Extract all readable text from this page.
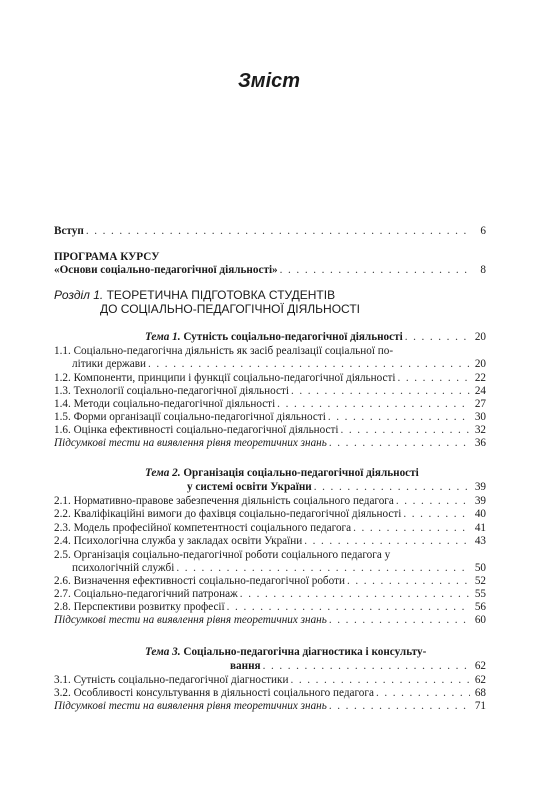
Зміст
Вступ . . .	6
ПРОГРАМА КУРСУ
«Основи соціально-педагогічної діяльності» . . .	8
Розділ 1. ТЕОРЕТИЧНА ПІДГОТОВКА СТУДЕНТІВ
ДО СОЦІАЛЬНО-ПЕДАГОГІЧНОЇ ДІЯЛЬНОСТІ
Тема 1. Сутність соціально-педагогічної діяльності . . .	20
1.1. Соціально-педагогічна діяльність як засіб реалізації соціальної по-
літики держави . . .	20
1.2. Компоненти, принципи і функції соціально-педагогічної діяльності . . .	22
1.3. Технології соціально-педагогічної діяльності . . .	24
1.4. Методи соціально-педагогічної діяльності . . .	27
1.5. Форми організації соціально-педагогічної діяльності . . .	30
1.6. Оцінка ефективності соціально-педагогічної діяльності . . .	32
Підсумкові тести на виявлення рівня теоретичних знань . . .	36
Тема 2. Організація соціально-педагогічної діяльності
у системі освіти України . . .	39
2.1. Нормативно-правове забезпечення діяльність соціального педагога . . .	39
2.2. Кваліфікаційні вимоги до фахівця соціально-педагогічної діяльності . . .	40
2.3. Модель професійної компетентності соціального педагога . . .	41
2.4. Психологічна служба у закладах освіти України . . .	43
2.5. Організація соціально-педагогічної роботи соціального педагога у
психологічній службі . . .	50
2.6. Визначення ефективності соціально-педагогічної роботи . . .	52
2.7. Соціально-педагогічний патронаж . . .	55
2.8. Перспективи розвитку професії . . .	56
Підсумкові тести на виявлення рівня теоретичних знань . . .	60
Тема 3. Соціально-педагогічна діагностика і консульту-
вання . . .	62
3.1. Сутність соціально-педагогічної діагностики . . .	62
3.2. Особливості консультування в діяльності соціального педагога . . .	68
Підсумкові тести на виявлення рівня теоретичних знань . . .	71
